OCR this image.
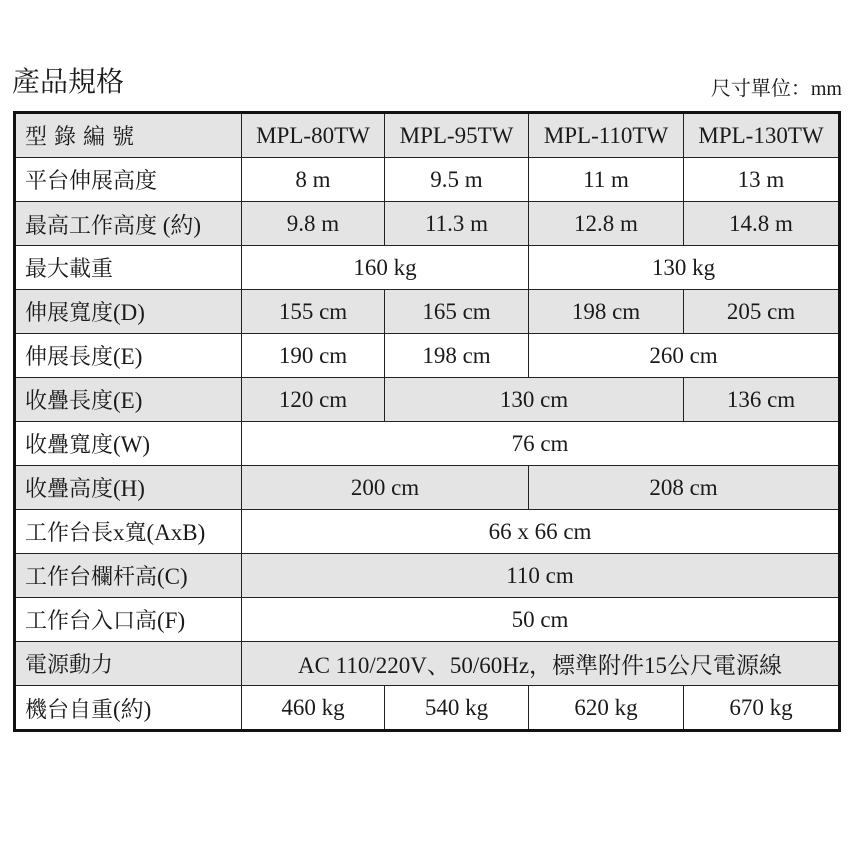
產品規格	尺寸單位：mm
型 錄 編 號	MPL-80TW	MPL-95TW	MPL-110TW	MPL-130TW
平台伸展高度	8 m	9.5 m	11 m	13 m
最高工作高度 (約)	9.8 m	11.3 m	12.8 m	14.8 m
最大載重	160 kg		130 kg	
伸展寬度(D)	155 cm	165 cm	198 cm	205 cm
伸展長度(E)	190 cm	198 cm	260 cm	
收疊長度(E)	120 cm	130 cm		136 cm
收疊寬度(W)	76 cm			
收疊高度(H)	200 cm		208 cm	
工作台長x寬(AxB)	66 x 66 cm			
工作台欄杆高(C)	110 cm			
工作台入口高(F)	50 cm			
電源動力	AC 110/220V、50/60Hz，標準附件15公尺電源線			
機台自重(約)	460 kg	540 kg	620 kg	670 kg
